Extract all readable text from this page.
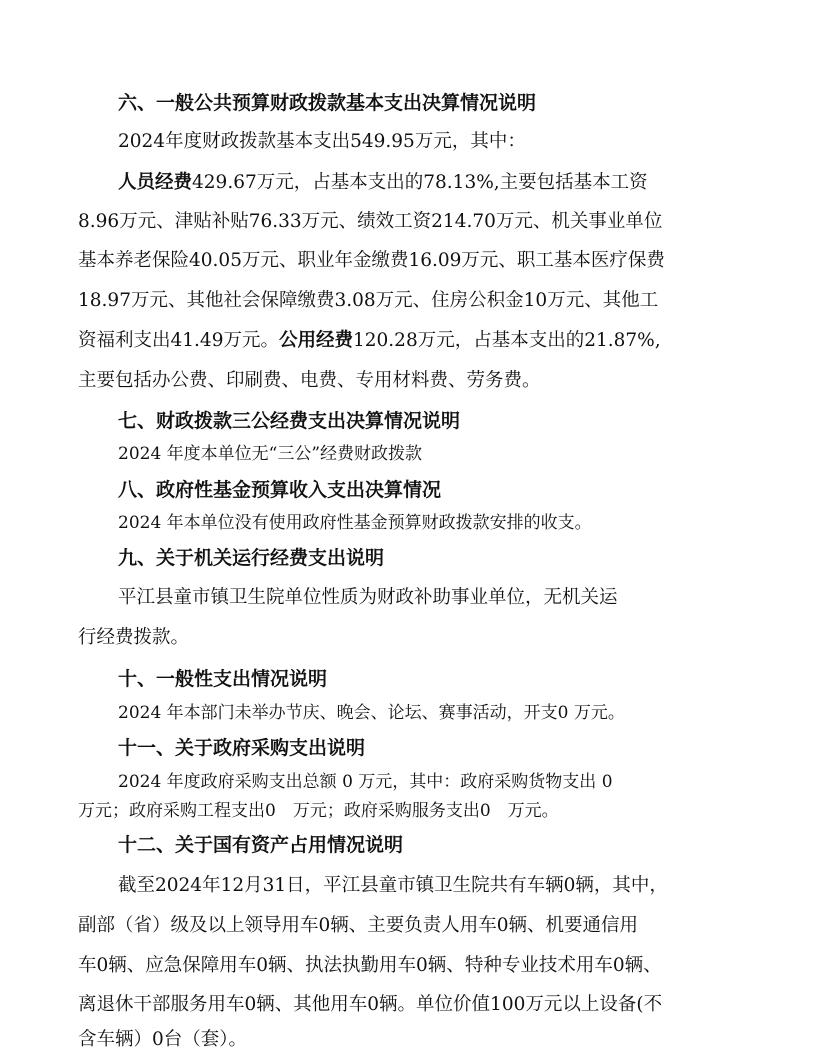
六、一般公共预算财政拨款基本支出决算情况说明
2024年度财政拨款基本支出549.95万元，其中：
人员经费429.67万元，占基本支出的78.13%,主要包括基本工资
8.96万元、津贴补贴76.33万元、绩效工资214.70万元、机关事业单位
基本养老保险40.05万元、职业年金缴费16.09万元、职工基本医疗保费
18.97万元、其他社会保障缴费3.08万元、住房公积金10万元、其他工
资福利支出41.49万元。公用经费120.28万元，占基本支出的21.87%,
主要包括办公费、印刷费、电费、专用材料费、劳务费。
七、财政拨款三公经费支出决算情况说明
2024 年度本单位无“三公”经费财政拨款
八、政府性基金预算收入支出决算情况
2024 年本单位没有使用政府性基金预算财政拨款安排的收支。
九、关于机关运行经费支出说明
平江县童市镇卫生院单位性质为财政补助事业单位，无机关运
行经费拨款。
十、一般性支出情况说明
2024 年本部门未举办节庆、晚会、论坛、赛事活动，开支0 万元。
十一、关于政府采购支出说明
2024 年度政府采购支出总额 0 万元，其中：政府采购货物支出 0
万元；政府采购工程支出0　万元；政府采购服务支出0　万元。
十二、关于国有资产占用情况说明
截至2024年12月31日，平江县童市镇卫生院共有车辆0辆，其中，
副部（省）级及以上领导用车0辆、主要负责人用车0辆、机要通信用
车0辆、应急保障用车0辆、执法执勤用车0辆、特种专业技术用车0辆、
离退休干部服务用车0辆、其他用车0辆。单位价值100万元以上设备(不
含车辆）0台（套）。
